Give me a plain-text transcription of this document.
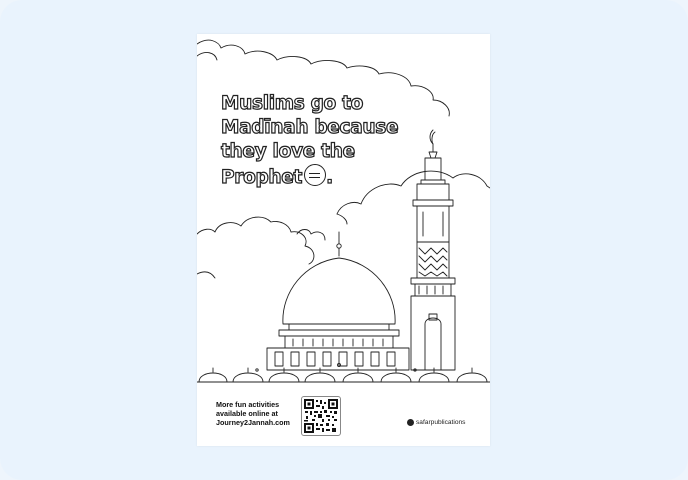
Muslims go to
Madīnah because
they love the
Prophet .
More fun activities
available online at
Journey2Jannah.com	safarpublications
